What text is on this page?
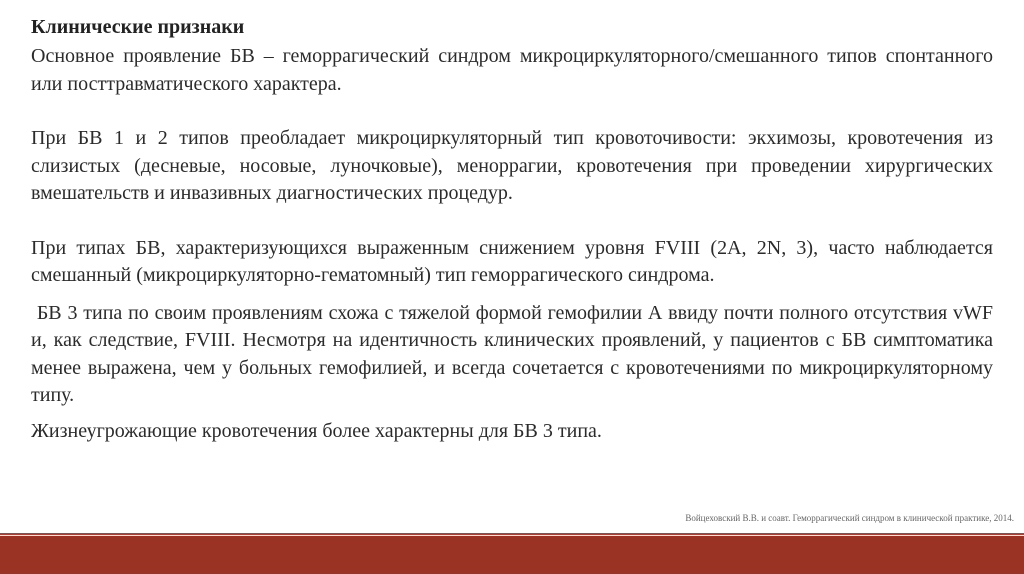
Клинические признаки

Основное проявление БВ – геморрагический синдром микроциркуляторного/смешанного типов спонтанного или посттравматического характера.

При БВ 1 и 2 типов преобладает микроциркуляторный тип кровоточивости: экхимозы, кровотечения из слизистых (десневые, носовые, луночковые), меноррагии, кровотечения при проведении хирургических вмешательств и инвазивных диагностических процедур.

При типах БВ, характеризующихся выраженным снижением уровня FVIII (2A, 2N, 3), часто наблюдается смешанный (микроциркуляторно-гематомный) тип геморрагического синдрома.

БВ 3 типа по своим проявлениям схожа с тяжелой формой гемофилии А ввиду почти полного отсутствия vWF и, как следствие, FVIII. Несмотря на идентичность клинических проявлений, у пациентов с БВ симптоматика менее выражена, чем у больных гемофилией, и всегда сочетается с кровотечениями по микроциркуляторному типу.

Жизнеугрожающие кровотечения более характерны для БВ 3 типа.

Войцеховский В.В. и соавт. Геморрагический синдром в клинической практике, 2014.
